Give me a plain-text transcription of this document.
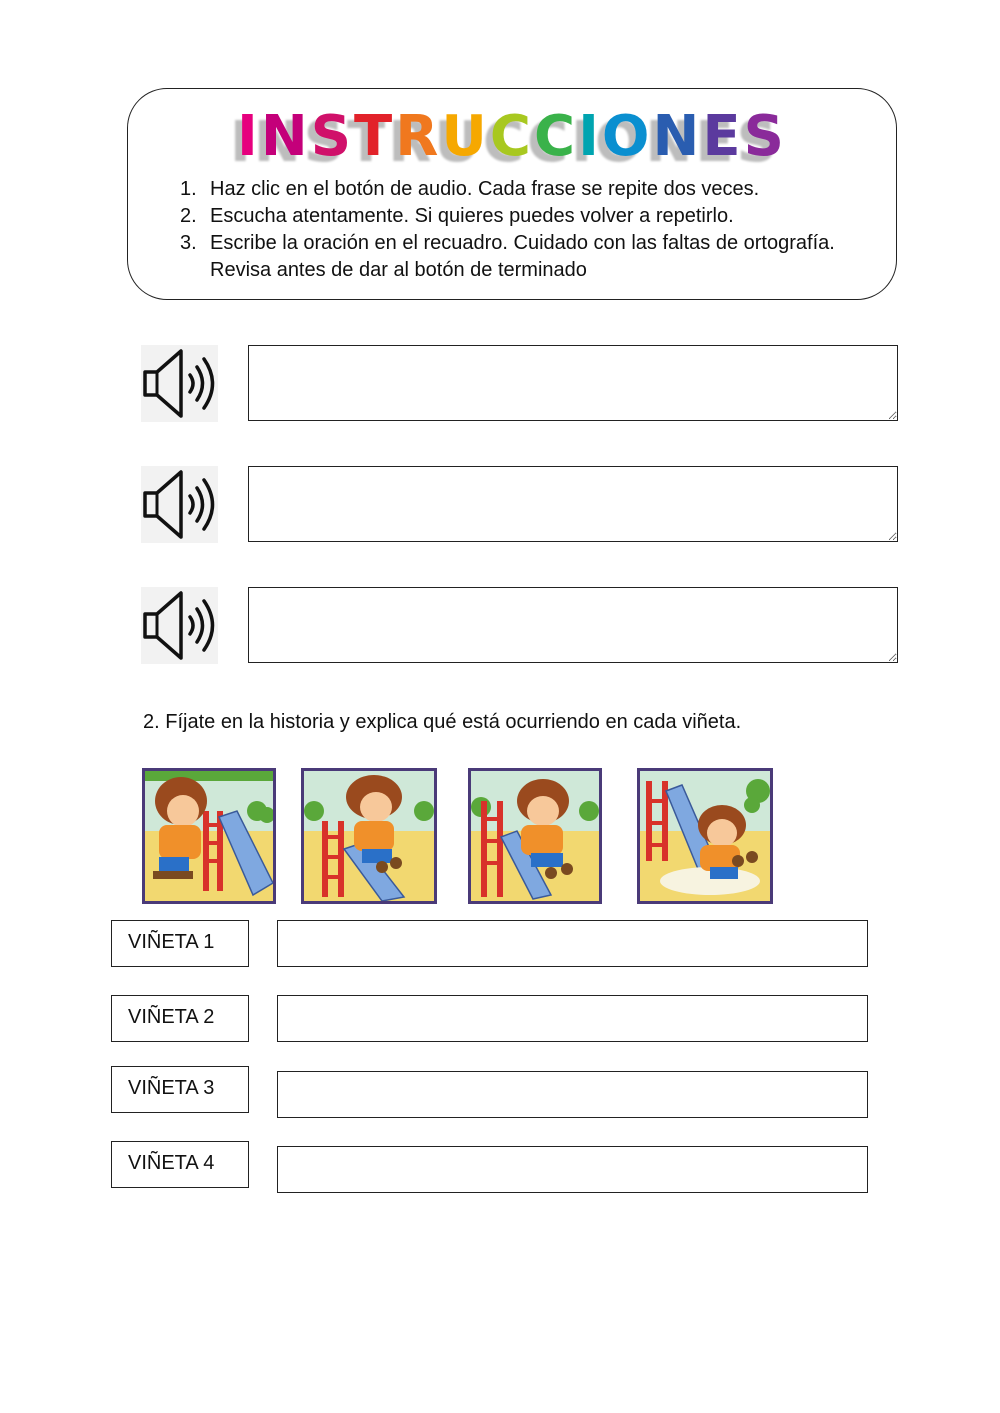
INSTRUCCIONES
1. Haz clic en el botón de audio. Cada frase se repite dos veces.
2. Escucha atentamente. Si quieres puedes volver a repetirlo.
3. Escribe la oración en el recuadro. Cuidado con las faltas de ortografía. Revisa antes de dar al botón de terminado
2. Fíjate en la historia y explica qué está ocurriendo en cada viñeta.
VIÑETA 1
VIÑETA 2
VIÑETA 3
VIÑETA 4
